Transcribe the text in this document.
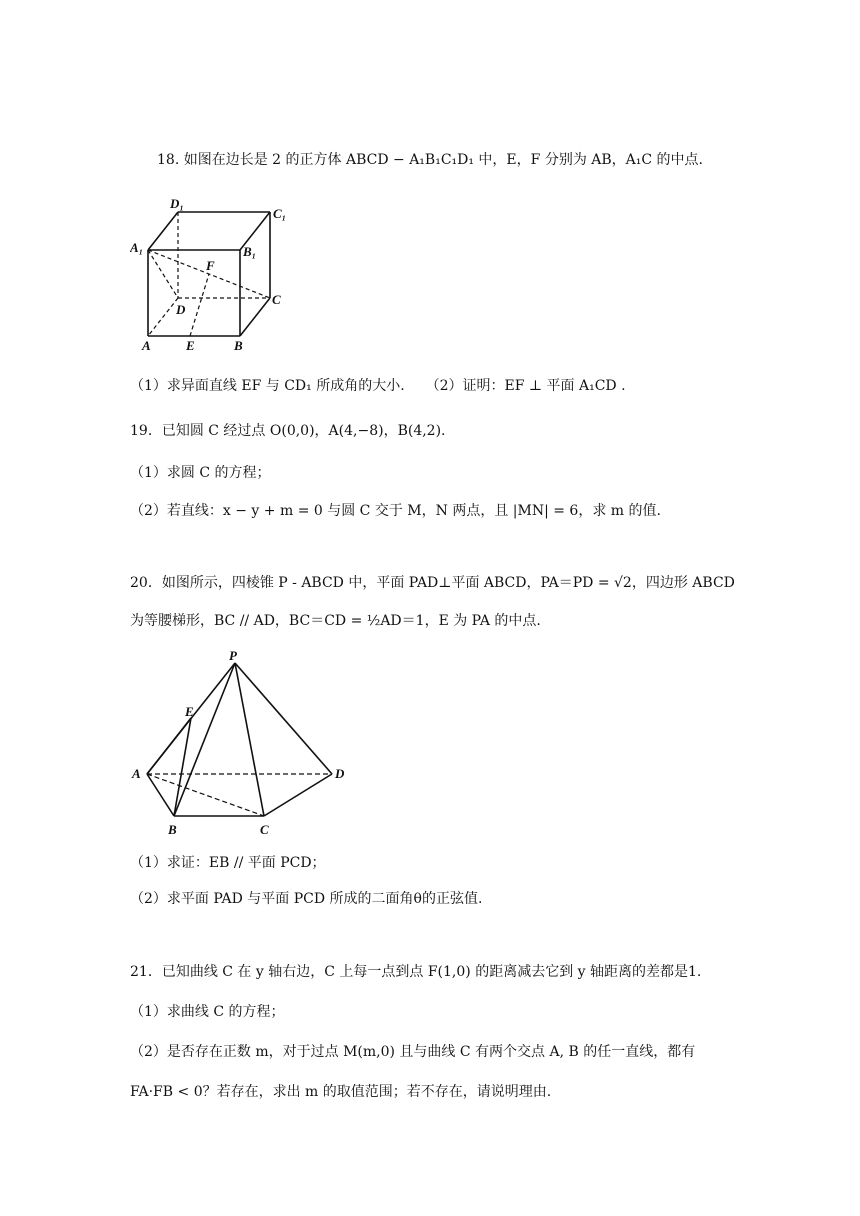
18. 如图在边长是 2 的正方体 ABCD − A₁B₁C₁D₁ 中，E，F 分别为 AB，A₁C 的中点.
D₁
C₁
A₁	B₁
F
D
C
A	E	B
（1）求异面直线 EF 与 CD₁ 所成角的大小.　　（2）证明：EF ⊥ 平面 A₁CD .
19．已知圆 C 经过点 O(0,0)，A(4,−8)，B(4,2).
（1）求圆 C 的方程；
（2）若直线：x − y + m = 0 与圆 C 交于 M，N 两点，且 |MN| = 6，求 m 的值.
20．如图所示，四棱锥 P - ABCD 中，平面 PAD⊥平面 ABCD，PA＝PD = √2，四边形 ABCD
为等腰梯形，BC // AD，BC＝CD = ½AD＝1，E 为 PA 的中点.
P
E
A	D
B	C
（1）求证：EB // 平面 PCD；
（2）求平面 PAD 与平面 PCD 所成的二面角θ的正弦值.
21．已知曲线 C 在 y 轴右边，C 上每一点到点 F(1,0) 的距离减去它到 y 轴距离的差都是1.
（1）求曲线 C 的方程；
（2）是否存在正数 m，对于过点 M(m,0) 且与曲线 C 有两个交点 A, B 的任一直线，都有
FA·FB < 0？若存在，求出 m 的取值范围；若不存在，请说明理由.
